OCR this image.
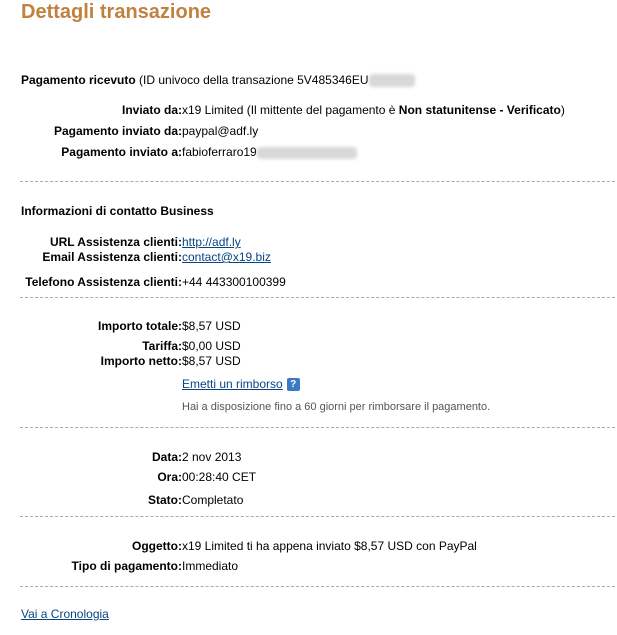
Dettagli transazione
Pagamento ricevuto (ID univoco della transazione 5V485346EU
Inviato da: x19 Limited (Il mittente del pagamento è Non statunitense - Verificato)
Pagamento inviato da: paypal@adf.ly
Pagamento inviato a: fabioferraro19
Informazioni di contatto Business
URL Assistenza clienti: http://adf.ly
Email Assistenza clienti: contact@x19.biz
Telefono Assistenza clienti: +44 443300100399
Importo totale: $8,57 USD
Tariffa: $0,00 USD
Importo netto: $8,57 USD
Emetti un rimborso ?
Hai a disposizione fino a 60 giorni per rimborsare il pagamento.
Data: 2 nov 2013
Ora: 00:28:40 CET
Stato: Completato
Oggetto: x19 Limited ti ha appena inviato $8,57 USD con PayPal
Tipo di pagamento: Immediato
Vai a Cronologia
